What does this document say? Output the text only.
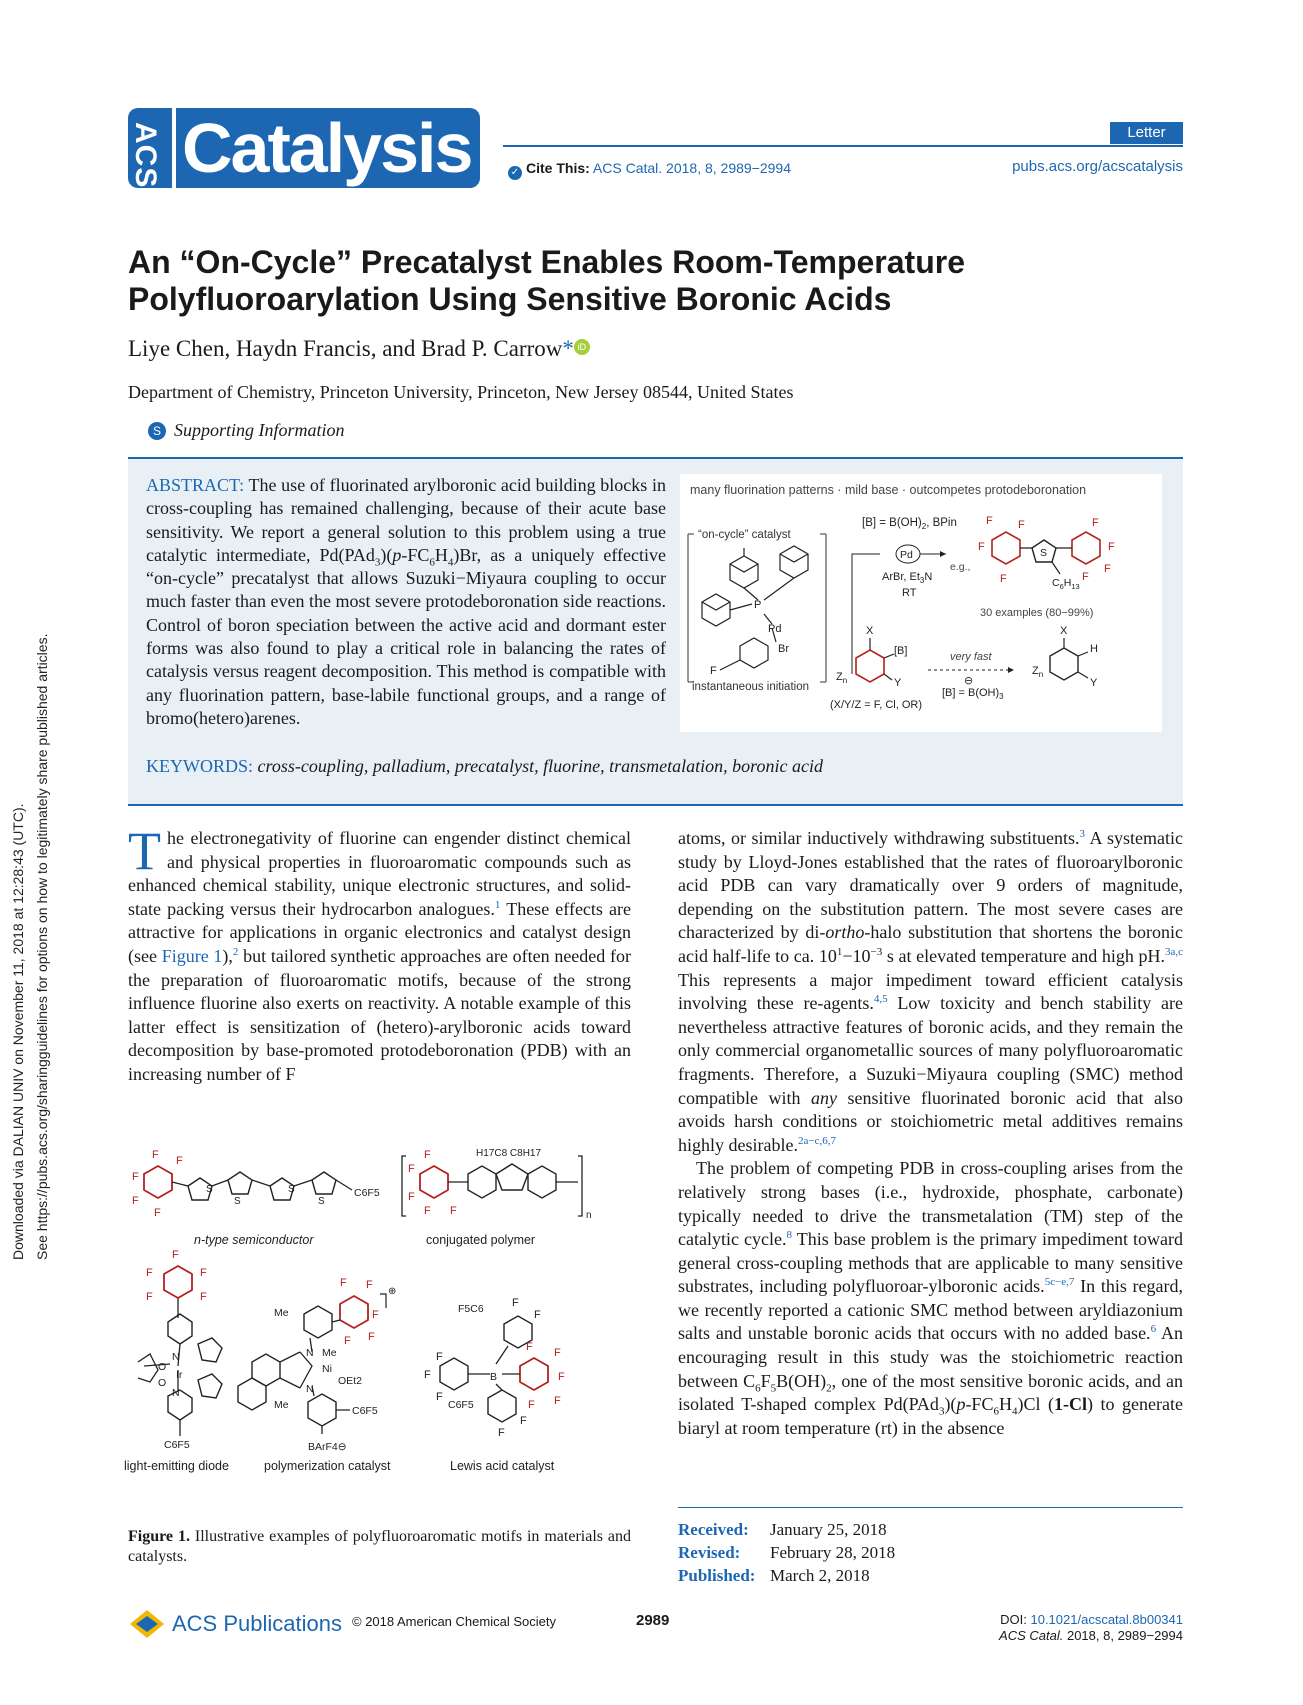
Downloaded via DALIAN UNIV on November 11, 2018 at 12:28:43 (UTC). See https://pubs.acs.org/sharingguidelines for options on how to legitimately share published articles.
ACS Catalysis	Letter
✓ Cite This: ACS Catal. 2018, 8, 2989−2994	pubs.acs.org/acscatalysis
An “On-Cycle” Precatalyst Enables Room-Temperature
Polyfluoroarylation Using Sensitive Boronic Acids
Liye Chen, Haydn Francis, and Brad P. Carrow* iD
Department of Chemistry, Princeton University, Princeton, New Jersey 08544, United States
S Supporting Information
ABSTRACT: The use of fluorinated arylboronic acid building blocks in cross-coupling has remained challenging, because of their acute base sensitivity. We report a general solution to this problem using a true catalytic intermediate, $Pd(PAd_3)(p-FC_6H_4)Br$, as a uniquely effective “on-cycle” precatalyst that allows Suzuki−Miyaura coupling to occur much faster than even the most severe protodeboronation side reactions. Control of boron speciation between the active acid and dormant ester forms was also found to play a critical role in balancing the rates of catalysis versus reagent decomposition. This method is compatible with any fluorination pattern, base-labile functional groups, and a range of bromo(hetero)arenes.
KEYWORDS: cross-coupling, palladium, precatalyst, fluorine, transmetalation, boronic acid
many fluorination patterns · mild base · outcompetes protodeboronation
“on-cycle” catalyst
instantaneous initiation
P
Pd
Br
F
$[B] = B(OH)_2$, BPin
Pd
ArBr, $Et_3N$
RT
e.g.,
F F
F
F
F
F
F
F
S
$C_6H_{13}$
30 examples (80−99%)
X
[B]
Y
$Z_n$
(X/Y/Z = F, Cl, OR)
very fast
⊖
$[B] = B(OH)_3$
X
H
Y
$Z_n$
The electronegativity of fluorine can engender distinct chemical and physical properties in fluoroaromatic compounds such as enhanced chemical stability, unique electronic structures, and solid-state packing versus their hydrocarbon analogues.$^1$ These effects are attractive for applications in organic electronics and catalyst design (see Figure 1),$^2$ but tailored synthetic approaches are often needed for the preparation of fluoroaromatic motifs, because of the strong influence fluorine also exerts on reactivity. A notable example of this latter effect is sensitization of (hetero)-arylboronic acids toward decomposition by base-promoted protodeboronation (PDB) with an increasing number of F
F
F
F
F
F
S
S
S
S
C6F5
n-type semiconductor
F
F
F
F F
H17C8 C8H17
n
conjugated polymer
F
F	F
F	F
N
Ir
N
O
O
C6F5
light-emitting diode
F F
F
F
F
⊕
Me
N
Ni
Me
OEt2
N
Me	C6F5
BArF4⊖
polymerization catalyst
B
F5C6
C6F5
F F
F
F
F
F
F
F
F
F
F
F
Lewis acid catalyst
Figure 1. Illustrative examples of polyfluoroaromatic motifs in materials and catalysts.
atoms, or similar inductively withdrawing substituents.$^3$ A systematic study by Lloyd-Jones established that the rates of fluoroarylboronic acid PDB can vary dramatically over 9 orders of magnitude, depending on the substitution pattern. The most severe cases are characterized by di-ortho-halo substitution that shortens the boronic acid half-life to ca. $10^1-10^{-3}$ s at elevated temperature and high pH.$^{3a,c}$ This represents a major impediment toward efficient catalysis involving these re-agents.$^{4,5}$ Low toxicity and bench stability are nevertheless attractive features of boronic acids, and they remain the only commercial organometallic sources of many polyfluoroaromatic fragments. Therefore, a Suzuki−Miyaura coupling (SMC) method compatible with any sensitive fluorinated boronic acid that also avoids harsh conditions or stoichiometric metal additives remains highly desirable.$^{2a-c,6,7}$
The problem of competing PDB in cross-coupling arises from the relatively strong bases (i.e., hydroxide, phosphate, carbonate) typically needed to drive the transmetalation (TM) step of the catalytic cycle.$^8$ This base problem is the primary impediment toward general cross-coupling methods that are applicable to many sensitive substrates, including polyfluoroar-ylboronic acids.$^{5c-e,7}$ In this regard, we recently reported a cationic SMC method between aryldiazonium salts and unstable boronic acids that occurs with no added base.$^6$ An encouraging result in this study was the stoichiometric reaction between $C_6F_5B(OH)_2$, one of the most sensitive boronic acids, and an isolated T-shaped complex $Pd(PAd_3)(p-FC_6H_4)Cl$ (1-Cl) to generate biaryl at room temperature (rt) in the absence
Received: January 25, 2018
Revised: February 28, 2018
Published: March 2, 2018
ACS Publications © 2018 American Chemical Society	2989	DOI: 10.1021/acscatal.8b00341
ACS Catal. 2018, 8, 2989−2994
